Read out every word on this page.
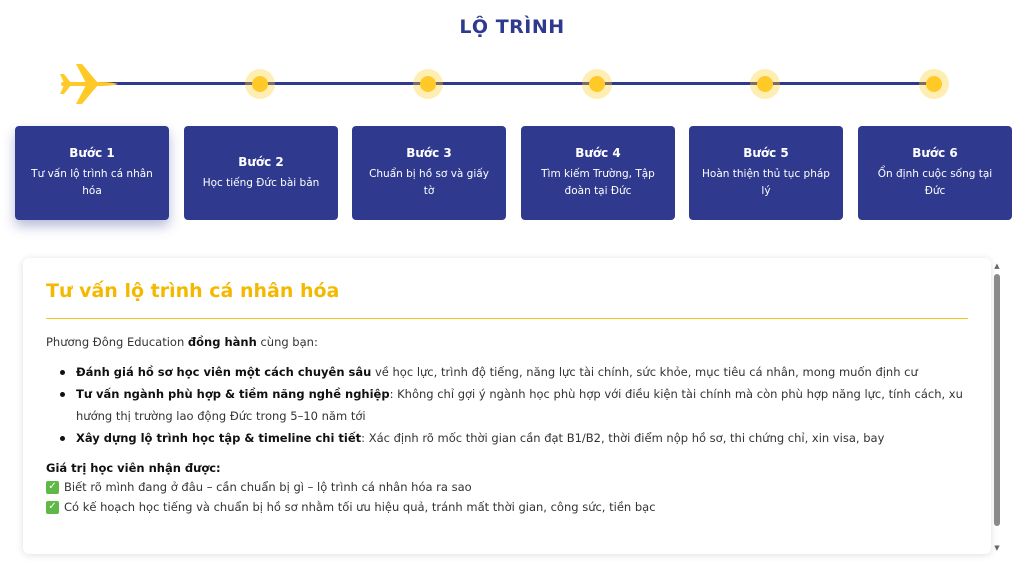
LỘ TRÌNH
Bước 1
Tư vấn lộ trình cá nhân hóa
Bước 2
Học tiếng Đức bài bản
Bước 3
Chuẩn bị hồ sơ và giấy tờ
Bước 4
Tìm kiếm Trường, Tập đoàn tại Đức
Bước 5
Hoàn thiện thủ tục pháp lý
Bước 6
Ổn định cuộc sống tại Đức
Tư vấn lộ trình cá nhân hóa

Phương Đông Education đồng hành cùng bạn:

Đánh giá hồ sơ học viên một cách chuyên sâu về học lực, trình độ tiếng, năng lực tài chính, sức khỏe, mục tiêu cá nhân, mong muốn định cư
Tư vấn ngành phù hợp & tiềm năng nghề nghiệp: Không chỉ gợi ý ngành học phù hợp với điều kiện tài chính mà còn phù hợp năng lực, tính cách, xu hướng thị trường lao động Đức trong 5–10 năm tới
Xây dựng lộ trình học tập & timeline chi tiết: Xác định rõ mốc thời gian cần đạt B1/B2, thời điểm nộp hồ sơ, thi chứng chỉ, xin visa, bay
Giá trị học viên nhận được:
✓ Biết rõ mình đang ở đâu – cần chuẩn bị gì – lộ trình cá nhân hóa ra sao
✓ Có kế hoạch học tiếng và chuẩn bị hồ sơ nhằm tối ưu hiệu quả, tránh mất thời gian, công sức, tiền bạc
▲
▼
